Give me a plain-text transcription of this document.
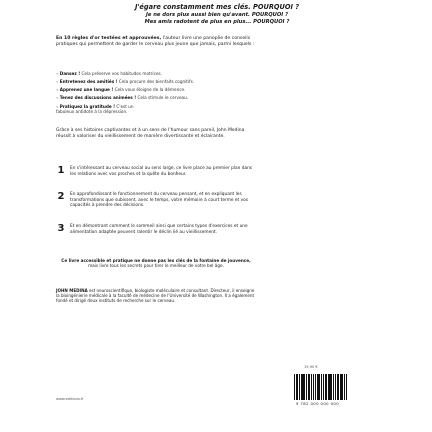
J'égare constamment mes clés. POURQUOI ?
Je ne dors plus aussi bien qu'avant. POURQUOI ?
Mes amis radotent de plus en plus... POURQUOI ?
En 10 règles d'or testées et approuvées, l'auteur livre une panoplie de conseils pratiques qui permettent de garder le cerveau plus jeune que jamais, parmi lesquels :
« Dansez ! Cela préserve vos habitudes motrices.
« Entretenez des amitiés ! Cela procure des bienfaits cognitifs.
« Apprenez une langue ! Cela vous éloigne de la démence.
« Tenez des discussions animées ! Cela stimule le cerveau.
« Pratiquez la gratitude ! C'est un fabuleux antidote à la dépression.
Grâce à ses histoires captivantes et à un sens de l'humour sans pareil, John Medina réussit à valoriser du vieillissement de manière divertissante et éclairante.
1	En s'intéressant au cerveau social au sens large, ce livre place au premier plan dans les relations avec vos proches et la quête du bonheur.
2	En approfondissant le fonctionnement du cerveau pensant, et en expliquant les transformations que subissent, avec le temps, votre mémoire à court terme et vos capacités à prendre des décisions.
3	Et en démontrant comment le sommeil ainsi que certains types d'exercices et une alimentation adaptée peuvent ralentir le déclin lié au vieillissement.
Ce livre accessible et pratique ne donne pas les clés de la fontaine de jouvence, mais livre tous les secrets pour tirer le meilleur de votre bel âge.
JOHN MEDINA est neuroscientifique, biologiste moléculaire et consultant. Directeur, il enseigne la bioingénierie médicale à la faculté de médecine de l'Université de Washington. Il a également fondé et dirigé deux instituts de recherche sur le cerveau.
www.editions.fr
19,90 €
9 782 000 000 000
